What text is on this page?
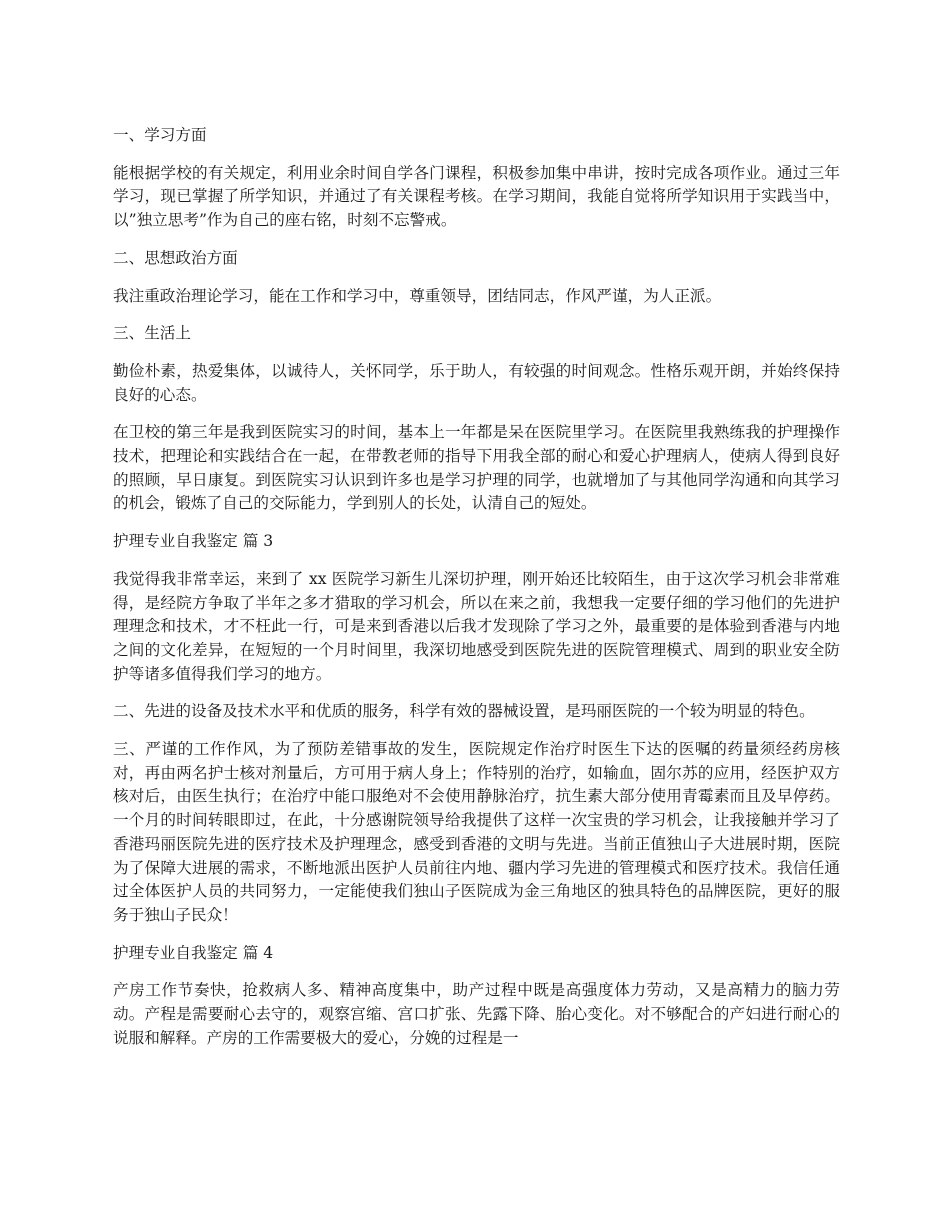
一、学习方面

能根据学校的有关规定，利用业余时间自学各门课程，积极参加集中串讲，按时完成各项作业。通过三年学习，现已掌握了所学知识，并通过了有关课程考核。在学习期间，我能自觉将所学知识用于实践当中，以”独立思考”作为自己的座右铭，时刻不忘警戒。

二、思想政治方面

我注重政治理论学习，能在工作和学习中，尊重领导，团结同志，作风严谨，为人正派。

三、生活上

勤俭朴素，热爱集体，以诚待人，关怀同学，乐于助人，有较强的时间观念。性格乐观开朗，并始终保持良好的心态。

在卫校的第三年是我到医院实习的时间，基本上一年都是呆在医院里学习。在医院里我熟练我的护理操作技术，把理论和实践结合在一起，在带教老师的指导下用我全部的耐心和爱心护理病人，使病人得到良好的照顾，早日康复。到医院实习认识到许多也是学习护理的同学，也就增加了与其他同学沟通和向其学习的机会，锻炼了自己的交际能力，学到别人的长处，认清自己的短处。

护理专业自我鉴定 篇 3

我觉得我非常幸运，来到了 xx 医院学习新生儿深切护理，刚开始还比较陌生，由于这次学习机会非常难得，是经院方争取了半年之多才猎取的学习机会，所以在来之前，我想我一定要仔细的学习他们的先进护理理念和技术，才不枉此一行，可是来到香港以后我才发现除了学习之外，最重要的是体验到香港与内地之间的文化差异，在短短的一个月时间里，我深切地感受到医院先进的医院管理模式、周到的职业安全防护等诸多值得我们学习的地方。

二、先进的设备及技术水平和优质的服务，科学有效的器械设置，是玛丽医院的一个较为明显的特色。

三、严谨的工作作风，为了预防差错事故的发生，医院规定作治疗时医生下达的医嘱的药量须经药房核对，再由两名护士核对剂量后，方可用于病人身上；作特别的治疗，如输血，固尔苏的应用，经医护双方核对后，由医生执行；在治疗中能口服绝对不会使用静脉治疗，抗生素大部分使用青霉素而且及早停药。一个月的时间转眼即过，在此，十分感谢院领导给我提供了这样一次宝贵的学习机会，让我接触并学习了香港玛丽医院先进的医疗技术及护理理念，感受到香港的文明与先进。当前正值独山子大进展时期，医院为了保障大进展的需求，不断地派出医护人员前往内地、疆内学习先进的管理模式和医疗技术。我信任通过全体医护人员的共同努力，一定能使我们独山子医院成为金三角地区的独具特色的品牌医院，更好的服务于独山子民众！

护理专业自我鉴定 篇 4

产房工作节奏快，抢救病人多、精神高度集中，助产过程中既是高强度体力劳动，又是高精力的脑力劳动。产程是需要耐心去守的，观察宫缩、宫口扩张、先露下降、胎心变化。对不够配合的产妇进行耐心的说服和解释。产房的工作需要极大的爱心，分娩的过程是一
